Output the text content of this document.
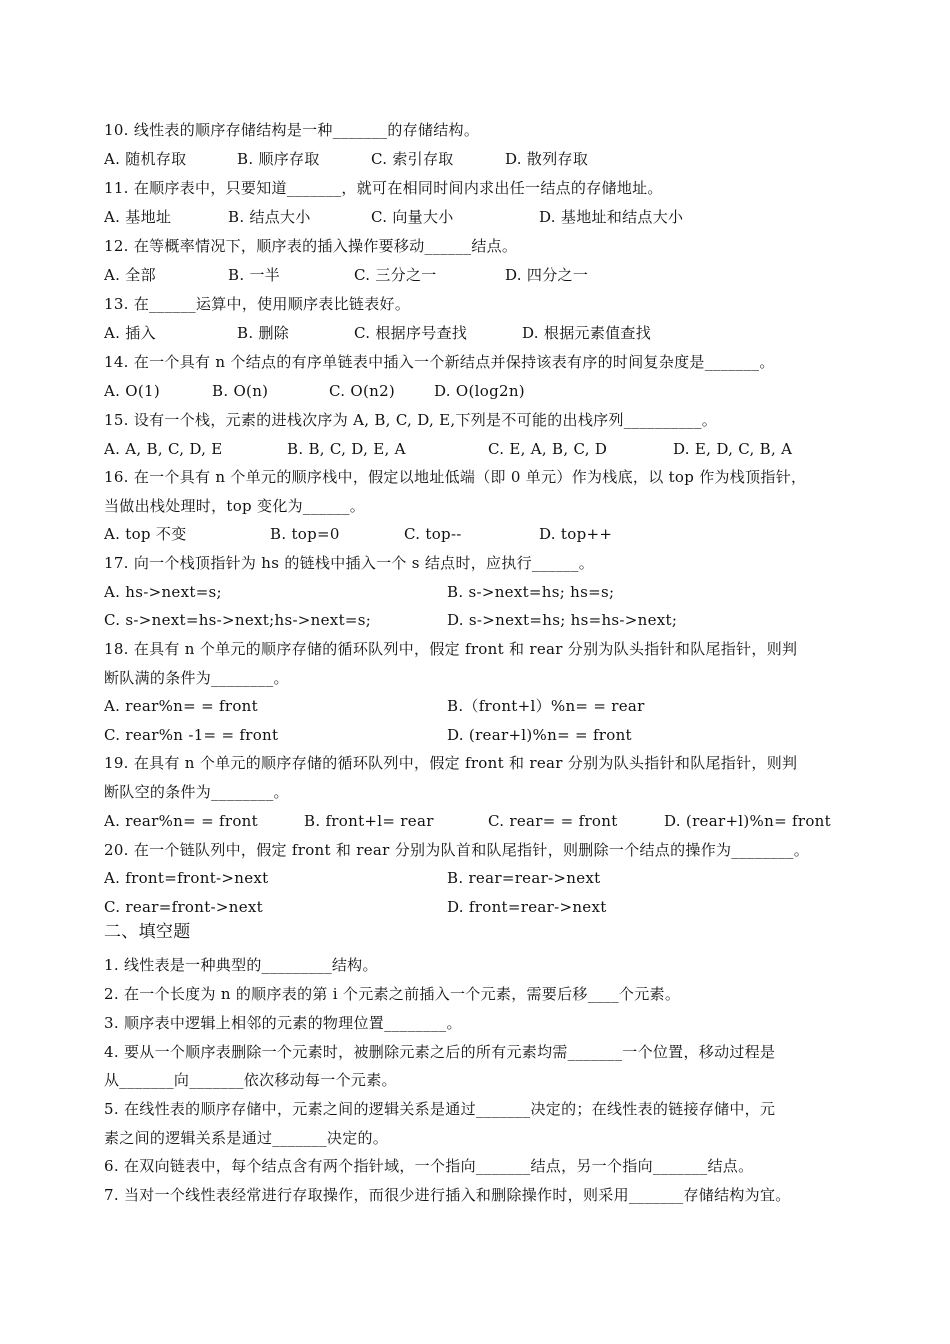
10. 线性表的顺序存储结构是一种_______的存储结构。
A. 随机存取	B. 顺序存取	C. 索引存取	D. 散列存取
11. 在顺序表中，只要知道_______，就可在相同时间内求出任一结点的存储地址。
A. 基地址	B. 结点大小	C. 向量大小	D. 基地址和结点大小
12. 在等概率情况下，顺序表的插入操作要移动______结点。
A. 全部	B. 一半	C. 三分之一	D. 四分之一
13. 在______运算中，使用顺序表比链表好。
A. 插入	B. 删除	C. 根据序号查找	D. 根据元素值查找
14. 在一个具有 n 个结点的有序单链表中插入一个新结点并保持该表有序的时间复杂度是_______。
A. O(1)	B. O(n)	C. O(n2)	D. O(log2n)
15. 设有一个栈，元素的进栈次序为 A, B, C, D, E,下列是不可能的出栈序列__________。
A. A, B, C, D, E	B. B, C, D, E, A	C. E, A, B, C, D	D. E, D, C, B, A
16. 在一个具有 n 个单元的顺序栈中，假定以地址低端（即 0 单元）作为栈底，以 top 作为栈顶指针，
当做出栈处理时，top 变化为______。
A. top 不变	B. top=0	C. top--	D. top++
17. 向一个栈顶指针为 hs 的链栈中插入一个 s 结点时，应执行______。
A. hs->next=s;	B. s->next=hs; hs=s;
C. s->next=hs->next;hs->next=s;	D. s->next=hs; hs=hs->next;
18. 在具有 n 个单元的顺序存储的循环队列中，假定 front 和 rear 分别为队头指针和队尾指针，则判
断队满的条件为________。
A. rear%n= = front	B.（front+l）%n= = rear
C. rear%n -1= = front	D. (rear+l)%n= = front
19. 在具有 n 个单元的顺序存储的循环队列中，假定 front 和 rear 分别为队头指针和队尾指针，则判
断队空的条件为________。
A. rear%n= = front	B. front+l= rear	C. rear= = front	D. (rear+l)%n= front
20. 在一个链队列中，假定 front 和 rear 分别为队首和队尾指针，则删除一个结点的操作为________。
A. front=front->next	B. rear=rear->next
C. rear=front->next	D. front=rear->next
二、填空题
1. 线性表是一种典型的_________结构。
2. 在一个长度为 n 的顺序表的第 i 个元素之前插入一个元素，需要后移____个元素。
3. 顺序表中逻辑上相邻的元素的物理位置________。
4. 要从一个顺序表删除一个元素时，被删除元素之后的所有元素均需_______一个位置，移动过程是
从_______向_______依次移动每一个元素。
5. 在线性表的顺序存储中，元素之间的逻辑关系是通过_______决定的；在线性表的链接存储中，元
素之间的逻辑关系是通过_______决定的。
6. 在双向链表中，每个结点含有两个指针域，一个指向_______结点，另一个指向_______结点。
7. 当对一个线性表经常进行存取操作，而很少进行插入和删除操作时，则采用_______存储结构为宜。
